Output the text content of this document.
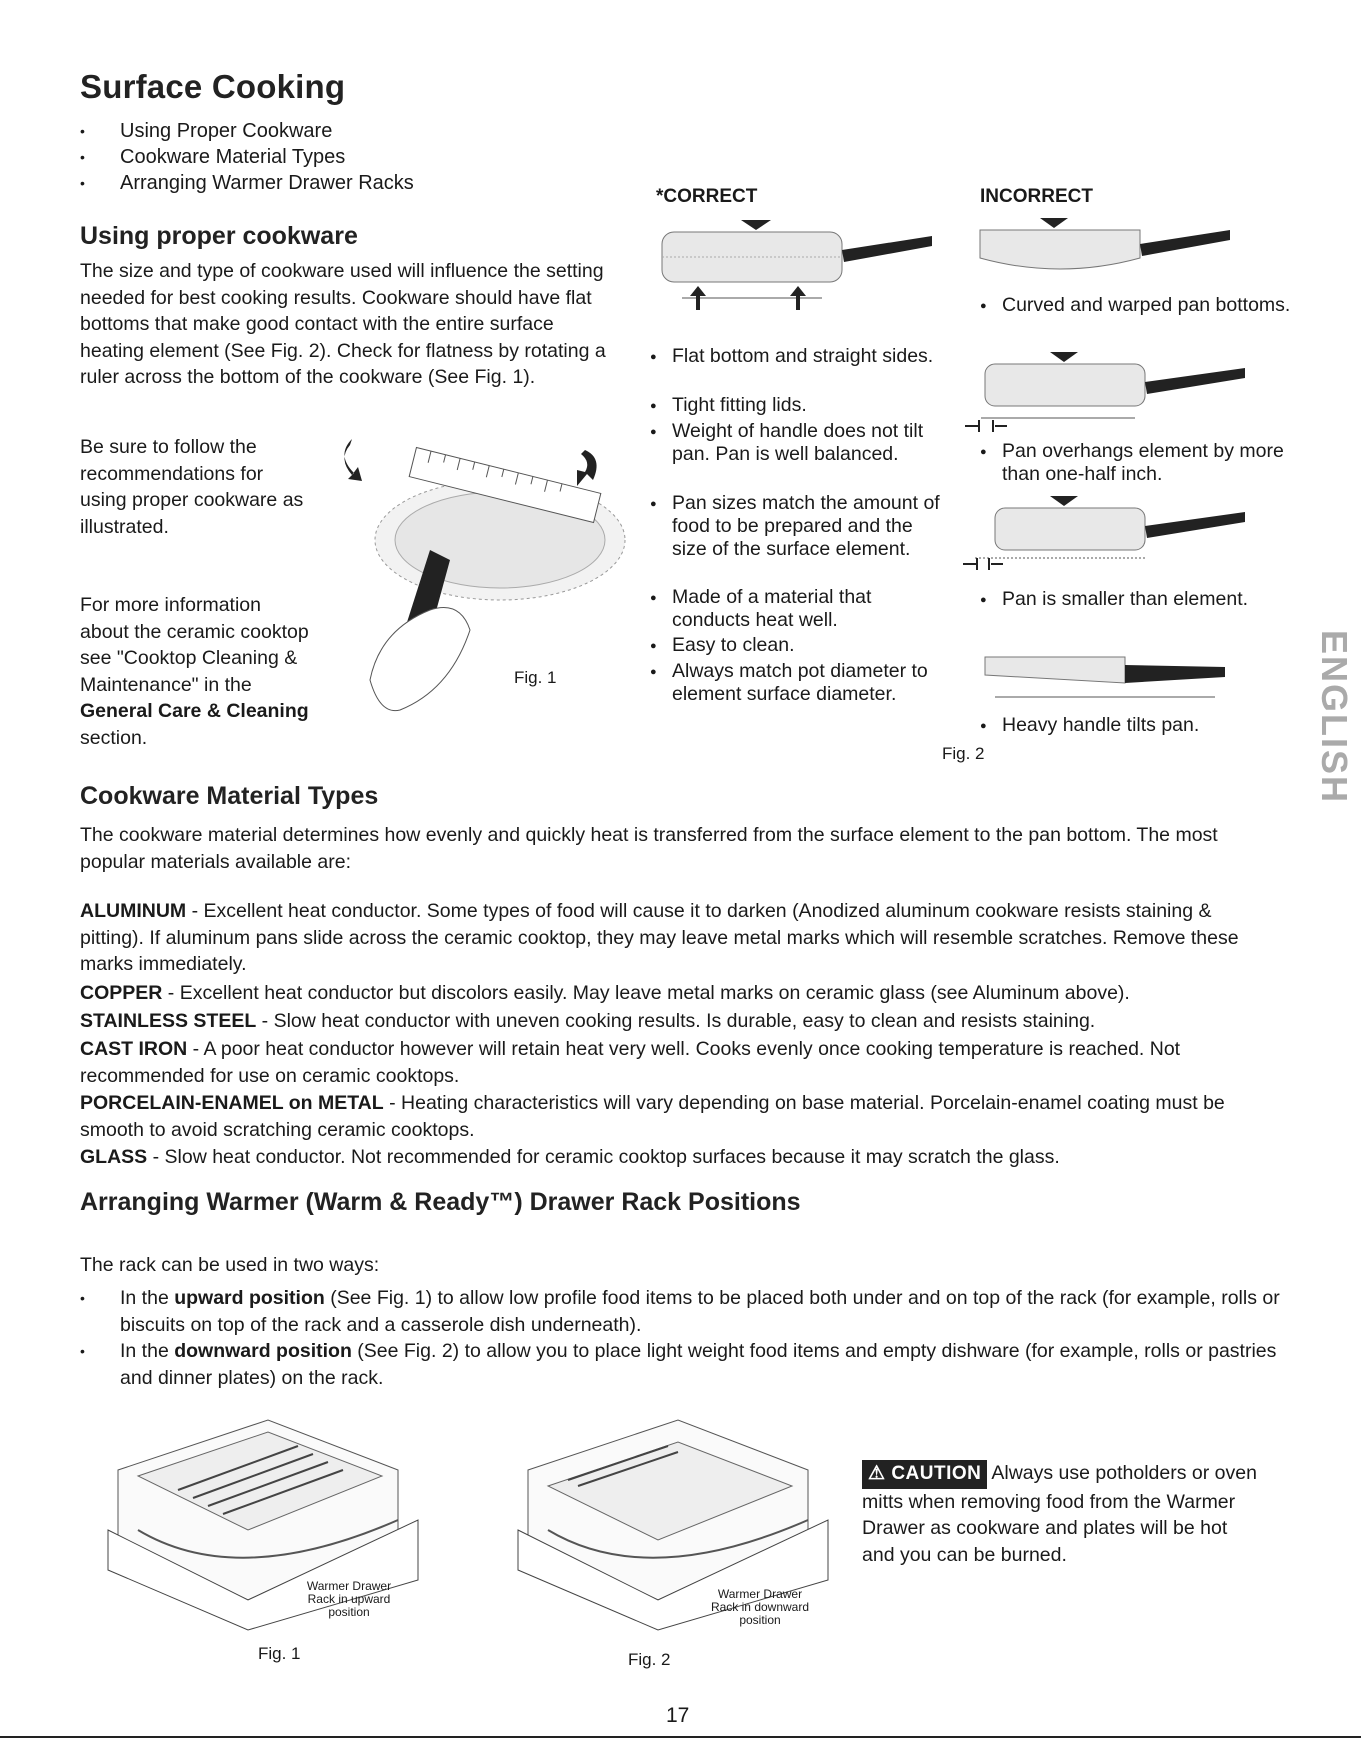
Surface Cooking
• Using Proper Cookware
• Cookware Material Types
• Arranging Warmer Drawer Racks
Using proper cookware

The size and type of cookware used will influence the setting needed for best cooking results. Cookware should have flat bottoms that make good contact with the entire surface heating element (See Fig. 2). Check for flatness by rotating a ruler across the bottom of the cookware (See Fig. 1).

Be sure to follow the recommendations for using proper cookware as illustrated.

For more information about the ceramic cooktop see "Cooktop Cleaning & Maintenance" in the General Care & Cleaning section.

Fig. 1
*CORRECT
● Flat bottom and straight sides.
● Tight fitting lids.
● Weight of handle does not tilt pan. Pan is well balanced.
● Pan sizes match the amount of food to be prepared and the size of the surface element.
● Made of a material that conducts heat well.
● Easy to clean.
● Always match pot diameter to element surface diameter.
INCORRECT
● Curved and warped pan bottoms.
● Pan overhangs element by more than one-half inch.
● Pan is smaller than element.
● Heavy handle tilts pan.
Fig. 2
Cookware Material Types

The cookware material determines how evenly and quickly heat is transferred from the surface element to the pan bottom. The most popular materials available are:

ALUMINUM - Excellent heat conductor. Some types of food will cause it to darken (Anodized aluminum cookware resists staining & pitting). If aluminum pans slide across the ceramic cooktop, they may leave metal marks which will resemble scratches. Remove these marks immediately.
COPPER - Excellent heat conductor but discolors easily. May leave metal marks on ceramic glass (see Aluminum above).
STAINLESS STEEL - Slow heat conductor with uneven cooking results. Is durable, easy to clean and resists staining.
CAST IRON - A poor heat conductor however will retain heat very well. Cooks evenly once cooking temperature is reached. Not recommended for use on ceramic cooktops.
PORCELAIN-ENAMEL on METAL - Heating characteristics will vary depending on base material. Porcelain-enamel coating must be smooth to avoid scratching ceramic cooktops.
GLASS - Slow heat conductor. Not recommended for ceramic cooktop surfaces because it may scratch the glass.
Arranging Warmer (Warm & Ready™) Drawer Rack Positions

The rack can be used in two ways:

• In the upward position (See Fig. 1) to allow low profile food items to be placed both under and on top of the rack (for example, rolls or biscuits on top of the rack and a casserole dish underneath).
• In the downward position (See Fig. 2) to allow you to place light weight food items and empty dishware (for example, rolls or pastries and dinner plates) on the rack.
Warmer Drawer
Rack in upward
position
Fig. 1
Warmer Drawer
Rack in downward
position
Fig. 2
⚠ CAUTION Always use potholders or oven mitts when removing food from the Warmer Drawer as cookware and plates will be hot and you can be burned.
ENGLISH
17
